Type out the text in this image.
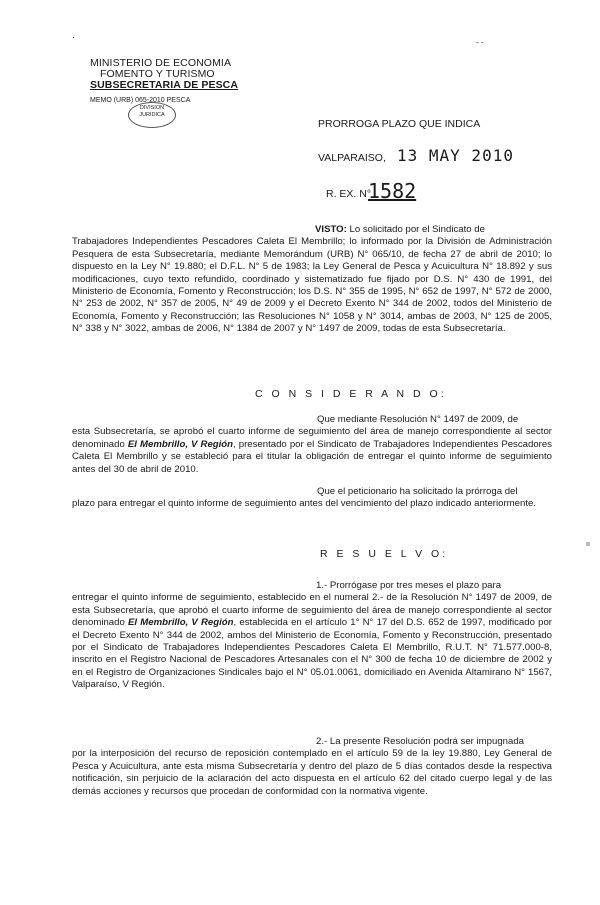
·
- -
MINISTERIO DE ECONOMIA
FOMENTO Y TURISMO
SUBSECRETARIA DE PESCA
MEMO (URB) 065-2010 PESCA
DIVISION
JURIDICA
PRORROGA PLAZO QUE INDICA
VALPARAISO, 13 MAY 2010
R. EX. N°
1582
VISTO: Lo solicitado por el Sindicato de
Trabajadores Independientes Pescadores Caleta El Membrillo; lo informado por la División de Administración Pesquera de esta Subsecretaría, mediante Memorándum (URB) N° 065/10, de fecha 27 de abril de 2010; lo dispuesto en la Ley N° 19.880; el D.F.L. N° 5 de 1983; la Ley General de Pesca y Acuicultura N° 18.892 y sus modificaciones, cuyo texto refundido, coordinado y sistematizado fue fijado por D.S. N° 430 de 1991, del Ministerio de Economía, Fomento y Reconstrucción; los D.S. N° 355 de 1995, N° 652 de 1997, N° 572 de 2000, N° 253 de 2002, N° 357 de 2005, N° 49 de 2009 y el Decreto Exento N° 344 de 2002, todos del Ministerio de Economía, Fomento y Reconstrucción; las Resoluciones N° 1058 y N° 3014, ambas de 2003, N° 125 de 2005, N° 338 y N° 3022, ambas de 2006, N° 1384 de 2007 y N° 1497 de 2009, todas de esta Subsecretaría.
C O N S I D E R A N D O:
Que mediante Resolución N° 1497 de 2009, de
esta Subsecretaría, se aprobó el cuarto informe de seguimiento del área de manejo correspondiente al sector denominado El Membrillo, V Región, presentado por el Sindicato de Trabajadores Independientes Pescadores Caleta El Membrillo y se estableció para el titular la obligación de entregar el quinto informe de seguimiento antes del 30 de abril de 2010.
Que el peticionario ha solicitado la prórroga del
plazo para entregar el quinto informe de seguimiento antes del vencimiento del plazo indicado anteriormente.
R E S U E L V O:
1.- Prorrógase por tres meses el plazo para
entregar el quinto informe de seguimiento, establecido en el numeral 2.- de la Resolución N° 1497 de 2009, de esta Subsecretaría, que aprobó el cuarto informe de seguimiento del área de manejo correspondiente al sector denominado El Membrillo, V Región, establecida en el artículo 1° N° 17 del D.S. 652 de 1997, modificado por el Decreto Exento N° 344 de 2002, ambos del Ministerio de Economía, Fomento y Reconstrucción, presentado por el Sindicato de Trabajadores Independientes Pescadores Caleta El Membrillo, R.U.T. N° 71.577.000-8, inscrito en el Registro Nacional de Pescadores Artesanales con el N° 300 de fecha 10 de diciembre de 2002 y en el Registro de Organizaciones Sindicales bajo el N° 05.01.0061, domiciliado en Avenida Altamirano N° 1567, Valparaíso, V Región.
2.- La presente Resolución podrá ser impugnada
por la interposición del recurso de reposición contemplado en el artículo 59 de la ley 19.880, Ley General de Pesca y Acuicultura, ante esta misma Subsecretaría y dentro del plazo de 5 días contados desde la respectiva notificación, sin perjuicio de la aclaración del acto dispuesta en el artículo 62 del citado cuerpo legal y de las demás acciones y recursos que procedan de conformidad con la normativa vigente.
